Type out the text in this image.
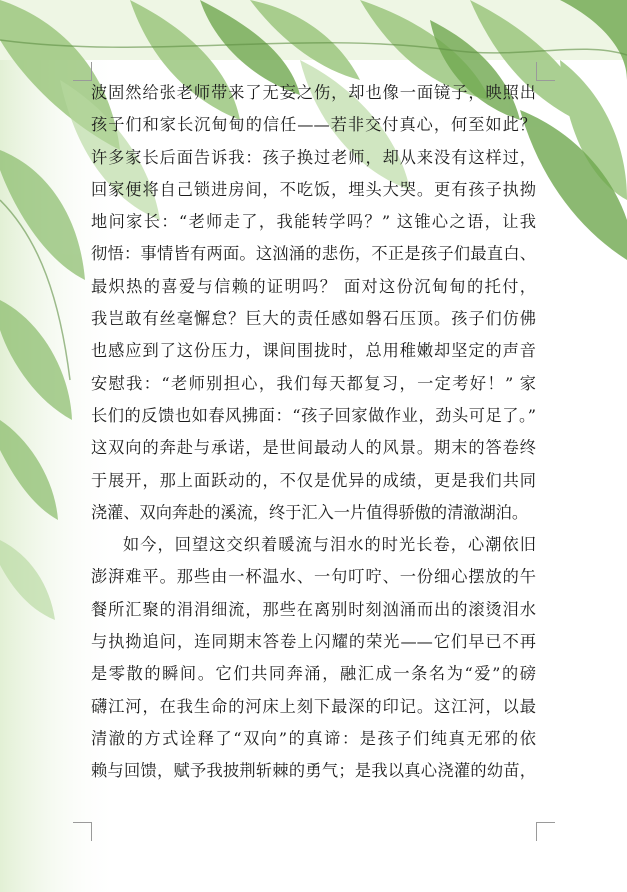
波固然给张老师带来了无妄之伤，却也像一面镜子，映照出
孩子们和家长沉甸甸的信任——若非交付真心，何至如此？
许多家长后面告诉我：孩子换过老师，却从来没有这样过，
回家便将自己锁进房间，不吃饭，埋头大哭。更有孩子执拗
地问家长：“老师走了，我能转学吗？” 这锥心之语，让我
彻悟：事情皆有两面。这汹涌的悲伤，不正是孩子们最直白、
最炽热的喜爱与信赖的证明吗？ 面对这份沉甸甸的托付，
我岂敢有丝毫懈怠？巨大的责任感如磐石压顶。孩子们仿佛
也感应到了这份压力，课间围拢时，总用稚嫩却坚定的声音
安慰我：“老师别担心，我们每天都复习，一定考好！” 家
长们的反馈也如春风拂面：“孩子回家做作业，劲头可足了。”
这双向的奔赴与承诺，是世间最动人的风景。期末的答卷终
于展开，那上面跃动的，不仅是优异的成绩，更是我们共同
浇灌、双向奔赴的溪流，终于汇入一片值得骄傲的清澈湖泊。
如今，回望这交织着暖流与泪水的时光长卷，心潮依旧
澎湃难平。那些由一杯温水、一句叮咛、一份细心摆放的午
餐所汇聚的涓涓细流，那些在离别时刻汹涌而出的滚烫泪水
与执拗追问，连同期末答卷上闪耀的荣光——它们早已不再
是零散的瞬间。它们共同奔涌，融汇成一条名为“爱”的磅
礴江河，在我生命的河床上刻下最深的印记。这江河，以最
清澈的方式诠释了“双向”的真谛：是孩子们纯真无邪的依
赖与回馈，赋予我披荆斩棘的勇气；是我以真心浇灌的幼苗，
